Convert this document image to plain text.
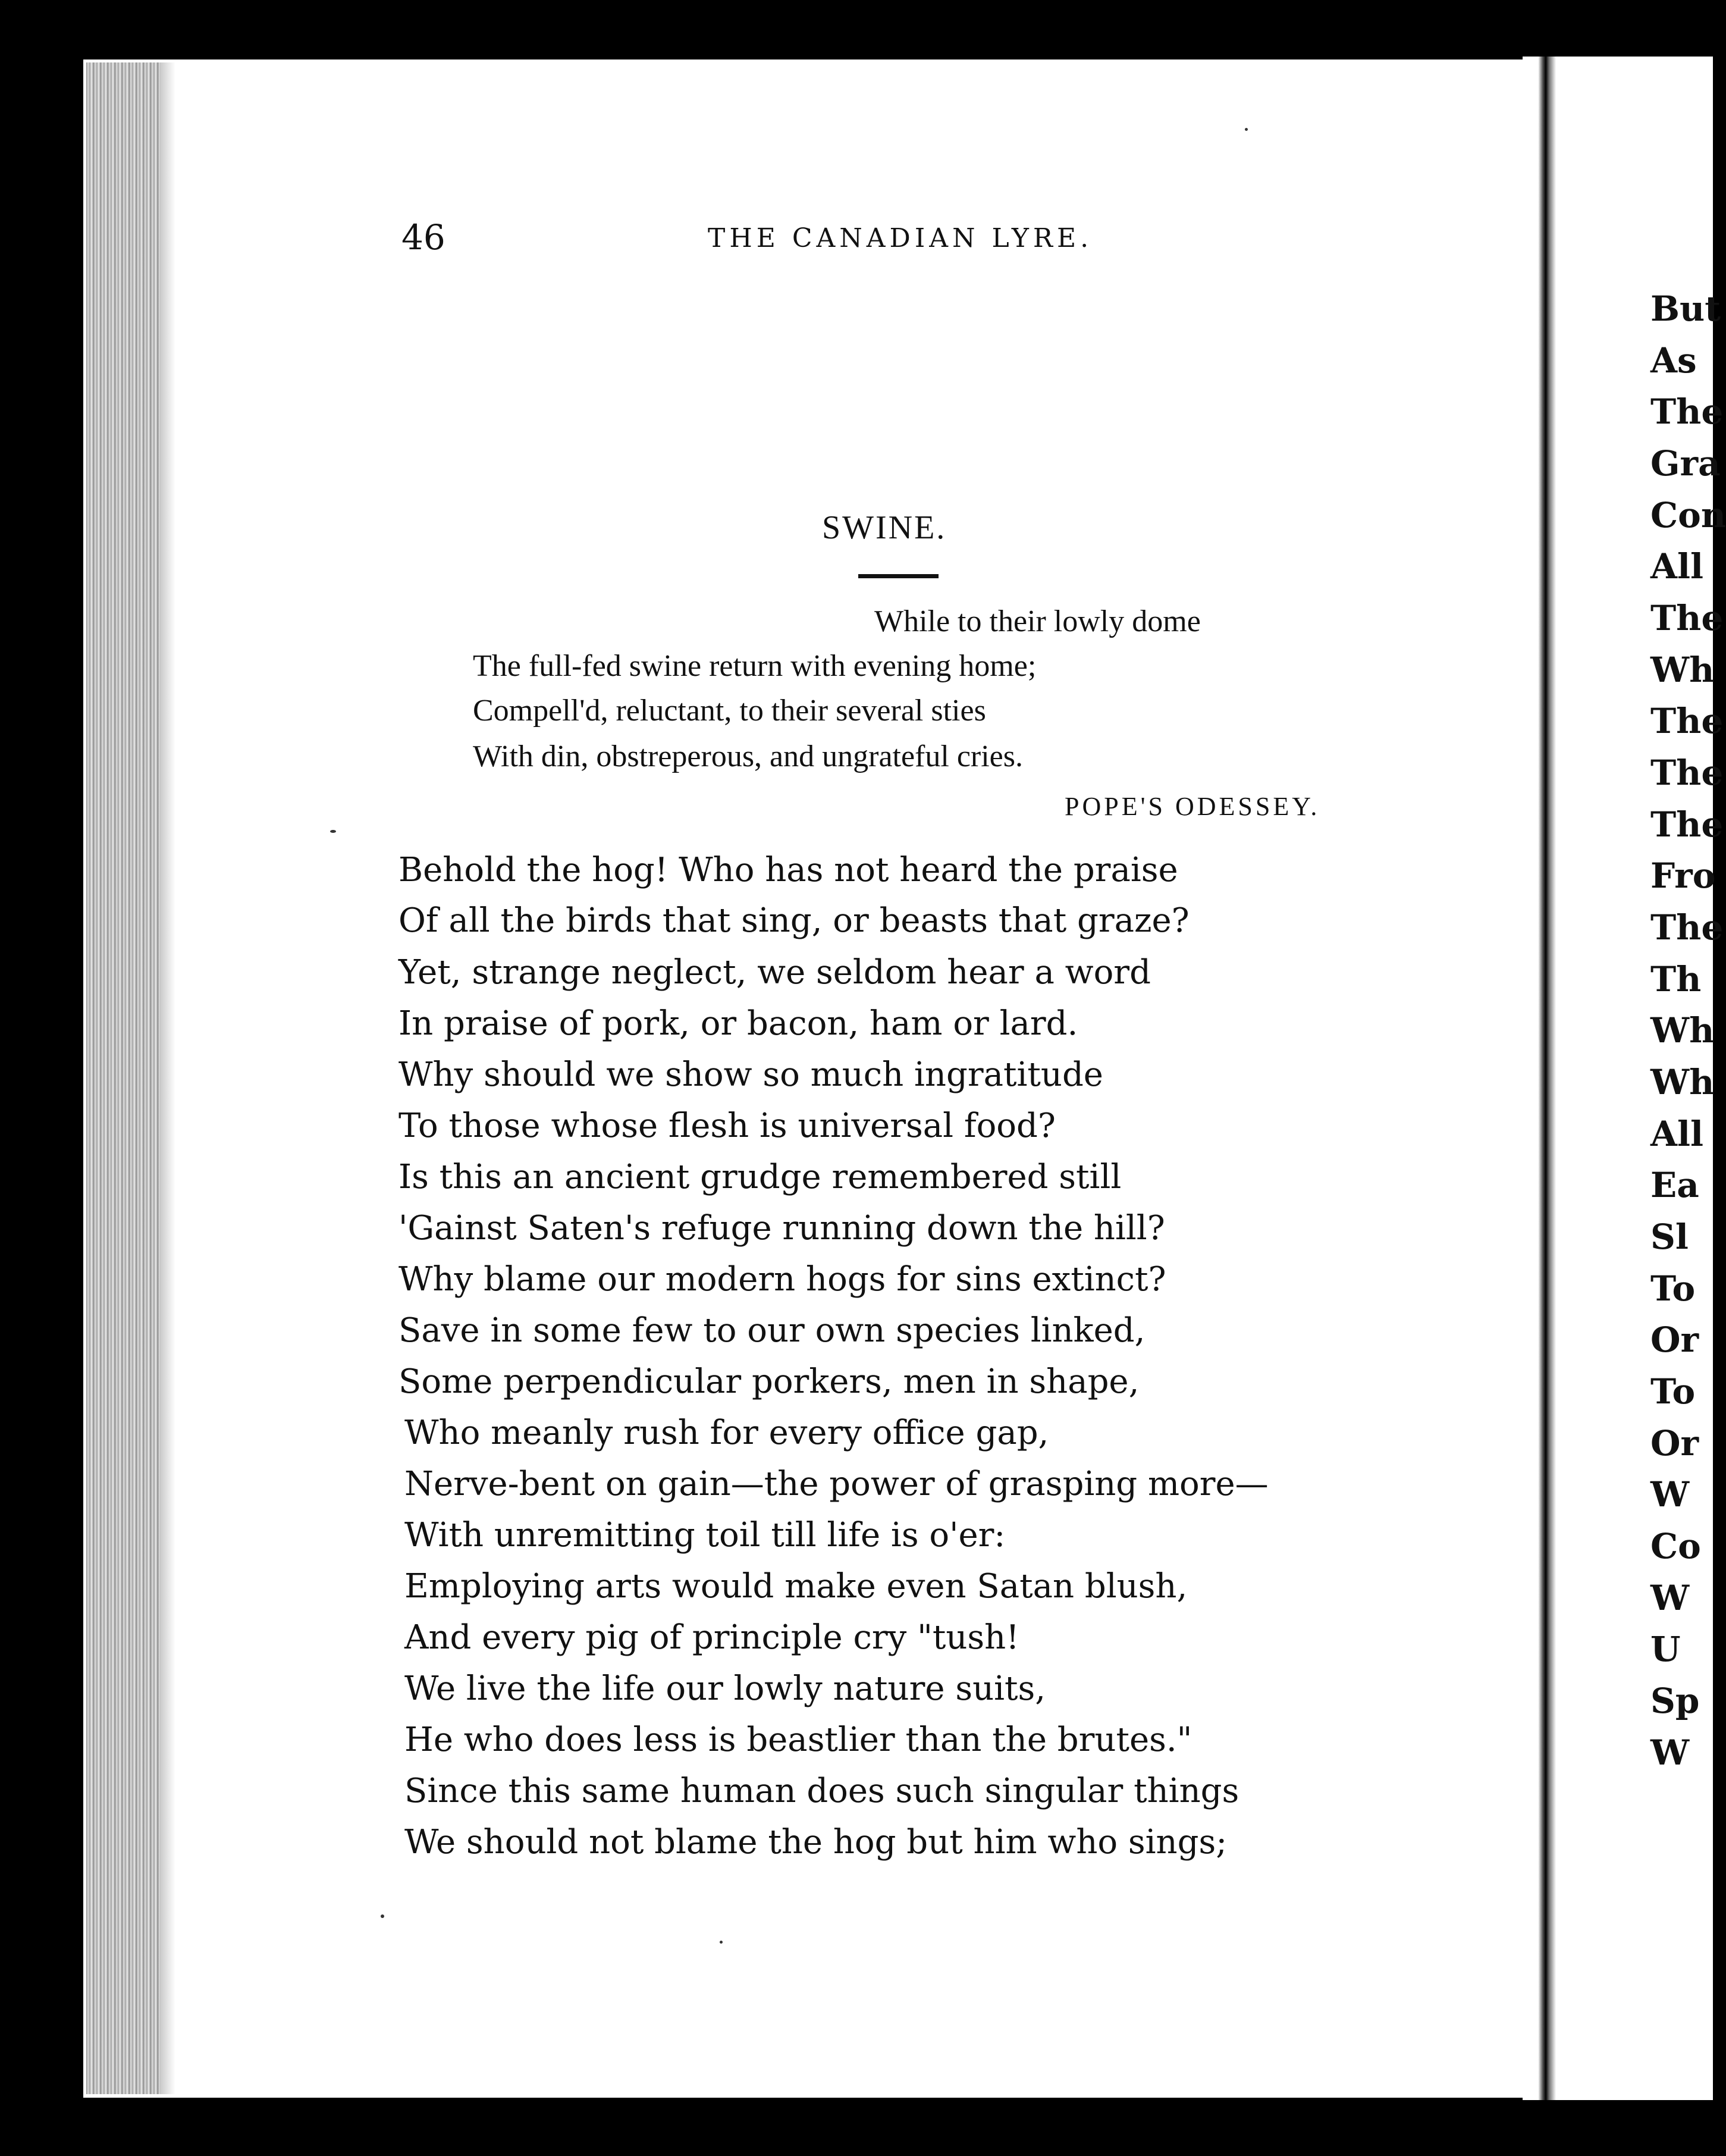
46	THE CANADIAN LYRE.
SWINE.
While to their lowly dome
The full-fed swine return with evening home;
Compell'd, reluctant, to their several sties
With din, obstreperous, and ungrateful cries.
POPE'S ODESSEY.
Behold the hog! Who has not heard the praise
Of all the birds that sing, or beasts that graze?
Yet, strange neglect, we seldom hear a word
In praise of pork, or bacon, ham or lard.
Why should we show so much ingratitude
To those whose flesh is universal food?
Is this an ancient grudge remembered still
'Gainst Saten's refuge running down the hill?
Why blame our modern hogs for sins extinct?
Save in some few to our own species linked,
Some perpendicular porkers, men in shape,
Who meanly rush for every office gap,
Nerve-bent on gain—the power of grasping more—
With unremitting toil till life is o'er:
Employing arts would make even Satan blush,
And every pig of principle cry "tush!
We live the life our lowly nature suits,
He who does less is beastlier than the brutes."
Since this same human does such singular things
We should not blame the hog but him who sings;
But
As
The
Gra
Con
All
The
Wh
The
The
The
Fro
The
Th
Wh
Wh
All
Ea
Sl
To
Or
To
Or
W
Co
W
U
Sp
W
